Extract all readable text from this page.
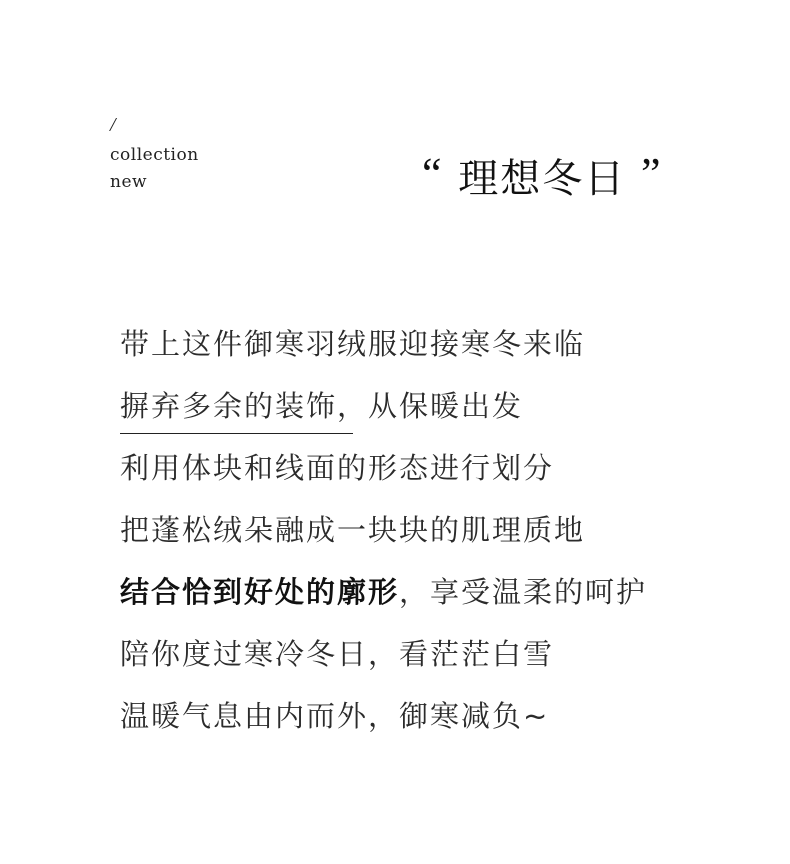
/
collection
new	“ 理想冬日 ”
带上这件御寒羽绒服迎接寒冬来临
摒弃多余的装饰，从保暖出发
利用体块和线面的形态进行划分
把蓬松绒朵融成一块块的肌理质地
结合恰到好处的廓形，享受温柔的呵护
陪你度过寒冷冬日，看茫茫白雪
温暖气息由内而外，御寒减负~
